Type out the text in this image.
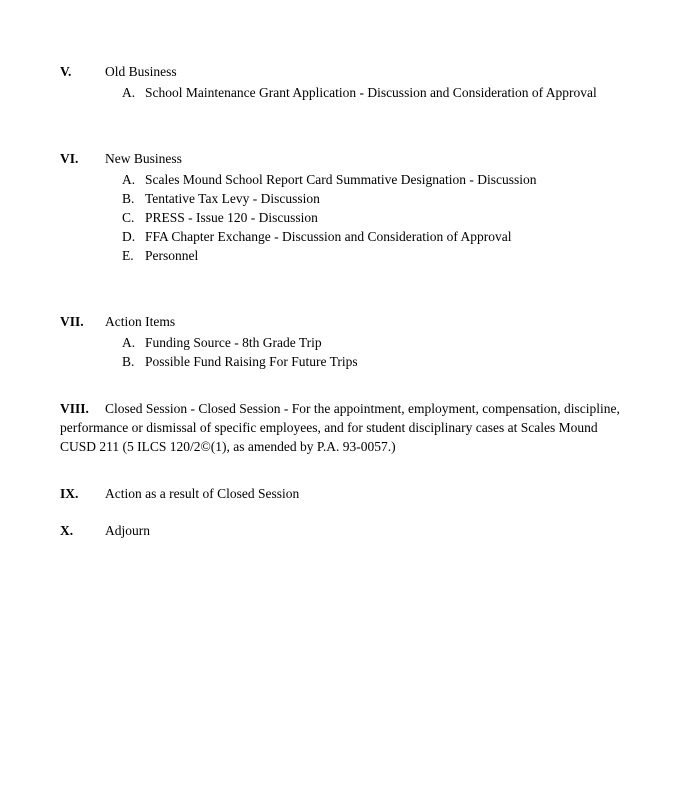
V. Old Business
A. School Maintenance Grant Application - Discussion and Consideration of Approval
VI. New Business
A. Scales Mound School Report Card Summative Designation - Discussion
B. Tentative Tax Levy - Discussion
C. PRESS - Issue 120 - Discussion
D. FFA Chapter Exchange - Discussion and Consideration of Approval
E. Personnel
VII. Action Items
A. Funding Source - 8th Grade Trip
B. Possible Fund Raising For Future Trips

VIII. Closed Session - Closed Session - For the appointment, employment, compensation, discipline, performance or dismissal of specific employees, and for student disciplinary cases at Scales Mound CUSD 211 (5 ILCS 120/2©(1), as amended by P.A. 93-0057.)

IX. Action as a result of Closed Session
X. Adjourn
